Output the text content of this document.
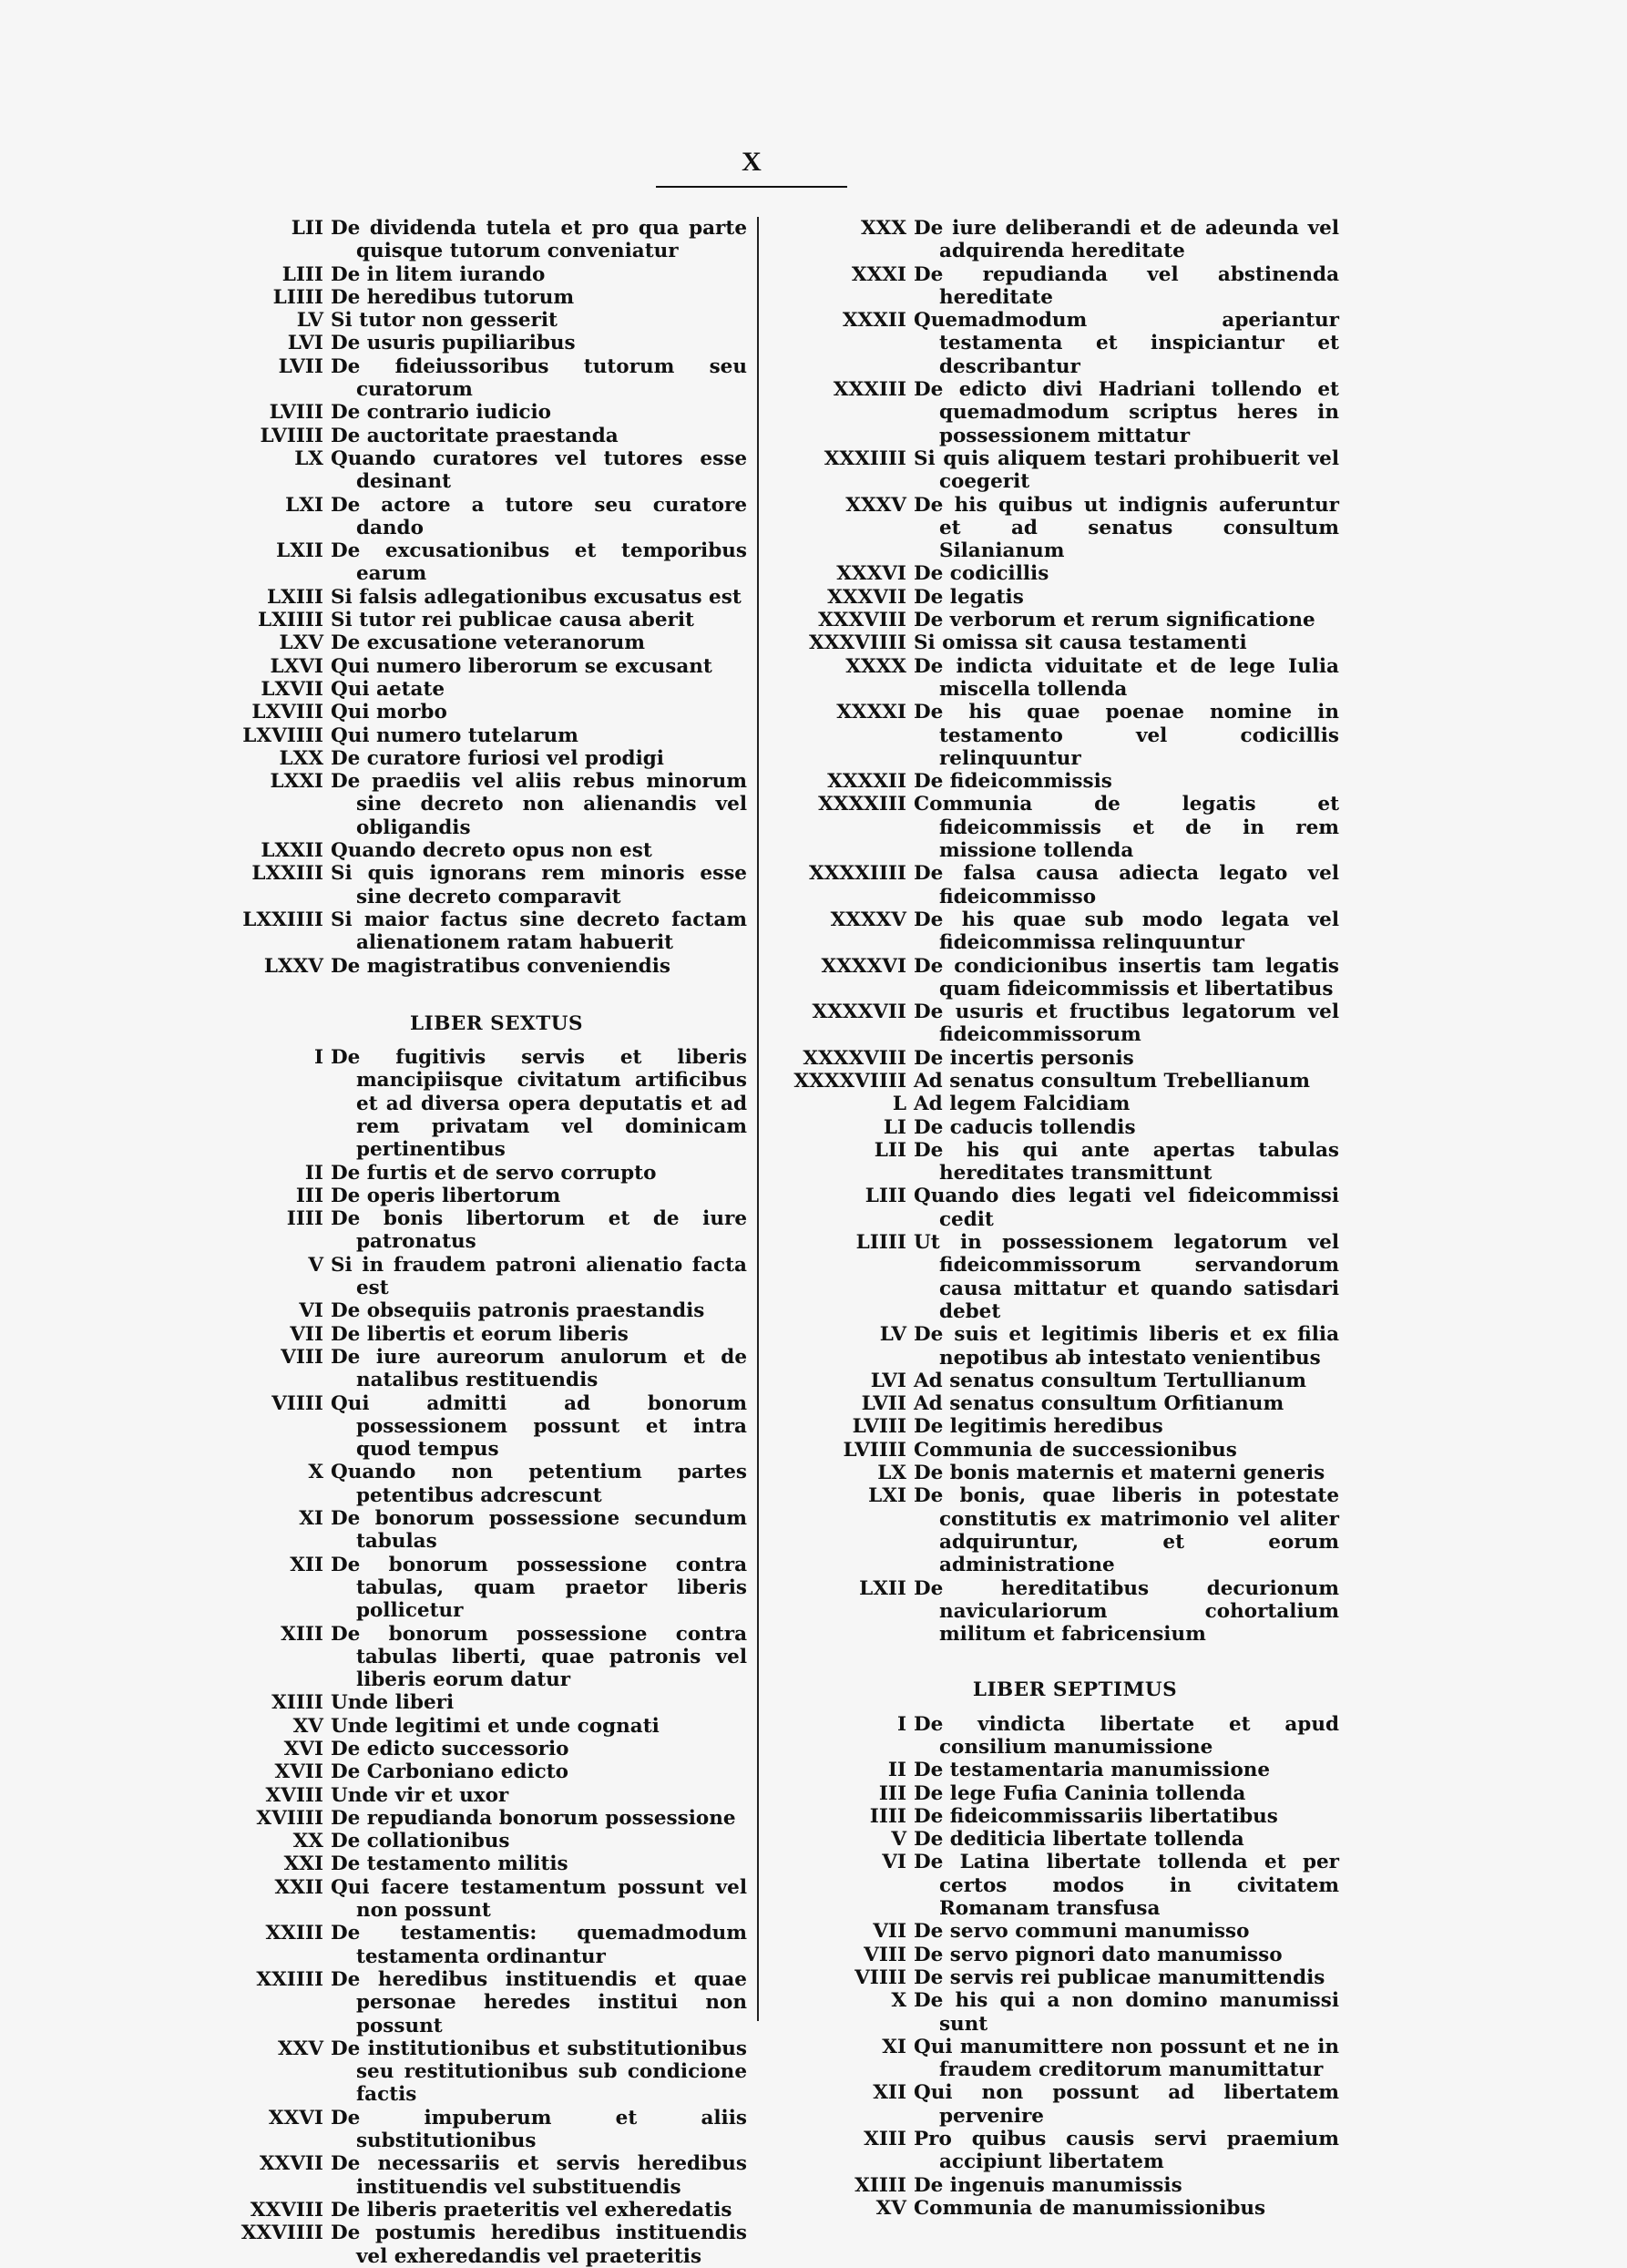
X
LII De dividenda tutela et pro qua parte quisque tutorum conveniatur
LIII De in litem iurando
LIIII De heredibus tutorum
LV Si tutor non gesserit
LVI De usuris pupiliaribus
LVII De fideiussoribus tutorum seu curatorum
LVIII De contrario iudicio
LVIIII De auctoritate praestanda
LX Quando curatores vel tutores esse desinant
LXI De actore a tutore seu curatore dando
LXII De excusationibus et temporibus earum
LXIII Si falsis adlegationibus excusatus est
LXIIII Si tutor rei publicae causa aberit
LXV De excusatione veteranorum
LXVI Qui numero liberorum se excusant
LXVII Qui aetate
LXVIII Qui morbo
LXVIIII Qui numero tutelarum
LXX De curatore furiosi vel prodigi
LXXI De praediis vel aliis rebus minorum sine decreto non alienandis vel obligandis
LXXII Quando decreto opus non est
LXXIII Si quis ignorans rem minoris esse sine decreto comparavit
LXXIIII Si maior factus sine decreto factam alienationem ratam habuerit
LXXV De magistratibus conveniendis
LIBER SEXTUS
I De fugitivis servis et liberis mancipiisque civitatum artificibus et ad diversa opera deputatis et ad rem privatam vel dominicam pertinentibus
II De furtis et de servo corrupto
III De operis libertorum
IIII De bonis libertorum et de iure patronatus
V Si in fraudem patroni alienatio facta est
VI De obsequiis patronis praestandis
VII De libertis et eorum liberis
VIII De iure aureorum anulorum et de natalibus restituendis
VIIII Qui admitti ad bonorum possessionem possunt et intra quod tempus
X Quando non petentium partes petentibus adcrescunt
XI De bonorum possessione secundum tabulas
XII De bonorum possessione contra tabulas, quam praetor liberis pollicetur
XIII De bonorum possessione contra tabulas liberti, quae patronis vel liberis eorum datur
XIIII Unde liberi
XV Unde legitimi et unde cognati
XVI De edicto successorio
XVII De Carboniano edicto
XVIII Unde vir et uxor
XVIIII De repudianda bonorum possessione
XX De collationibus
XXI De testamento militis
XXII Qui facere testamentum possunt vel non possunt
XXIII De testamentis: quemadmodum testamenta ordinantur
XXIIII De heredibus instituendis et quae personae heredes institui non possunt
XXV De institutionibus et substitutionibus seu restitutionibus sub condicione factis
XXVI De impuberum et aliis substitutionibus
XXVII De necessariis et servis heredibus instituendis vel substituendis
XXVIII De liberis praeteritis vel exheredatis
XXVIIII De postumis heredibus instituendis vel exheredandis vel praeteritis
XXX De iure deliberandi et de adeunda vel adquirenda hereditate
XXXI De repudianda vel abstinenda hereditate
XXXII Quemadmodum aperiantur testamenta et inspiciantur et describantur
XXXIII De edicto divi Hadriani tollendo et quemadmodum scriptus heres in possessionem mittatur
XXXIIII Si quis aliquem testari prohibuerit vel coegerit
XXXV De his quibus ut indignis auferuntur et ad senatus consultum Silanianum
XXXVI De codicillis
XXXVII De legatis
XXXVIII De verborum et rerum significatione
XXXVIIII Si omissa sit causa testamenti
XXXX De indicta viduitate et de lege Iulia miscella tollenda
XXXXI De his quae poenae nomine in testamento vel codicillis relinquuntur
XXXXII De fideicommissis
XXXXIII Communia de legatis et fideicommissis et de in rem missione tollenda
XXXXIIII De falsa causa adiecta legato vel fideicommisso
XXXXV De his quae sub modo legata vel fideicommissa relinquuntur
XXXXVI De condicionibus insertis tam legatis quam fideicommissis et libertatibus
XXXXVII De usuris et fructibus legatorum vel fideicommissorum
XXXXVIII De incertis personis
XXXXVIIII Ad senatus consultum Trebellianum
L Ad legem Falcidiam
LI De caducis tollendis
LII De his qui ante apertas tabulas hereditates transmittunt
LIII Quando dies legati vel fideicommissi cedit
LIIII Ut in possessionem legatorum vel fideicommissorum servandorum causa mittatur et quando satisdari debet
LV De suis et legitimis liberis et ex filia nepotibus ab intestato venientibus
LVI Ad senatus consultum Tertullianum
LVII Ad senatus consultum Orfitianum
LVIII De legitimis heredibus
LVIIII Communia de successionibus
LX De bonis maternis et materni generis
LXI De bonis, quae liberis in potestate constitutis ex matrimonio vel aliter adquiruntur, et eorum administratione
LXII De hereditatibus decurionum naviculariorum cohortalium militum et fabricensium
LIBER SEPTIMUS
I De vindicta libertate et apud consilium manumissione
II De testamentaria manumissione
III De lege Fufia Caninia tollenda
IIII De fideicommissariis libertatibus
V De dediticia libertate tollenda
VI De Latina libertate tollenda et per certos modos in civitatem Romanam transfusa
VII De servo communi manumisso
VIII De servo pignori dato manumisso
VIIII De servis rei publicae manumittendis
X De his qui a non domino manumissi sunt
XI Qui manumittere non possunt et ne in fraudem creditorum manumittatur
XII Qui non possunt ad libertatem pervenire
XIII Pro quibus causis servi praemium accipiunt libertatem
XIIII De ingenuis manumissis
XV Communia de manumissionibus
